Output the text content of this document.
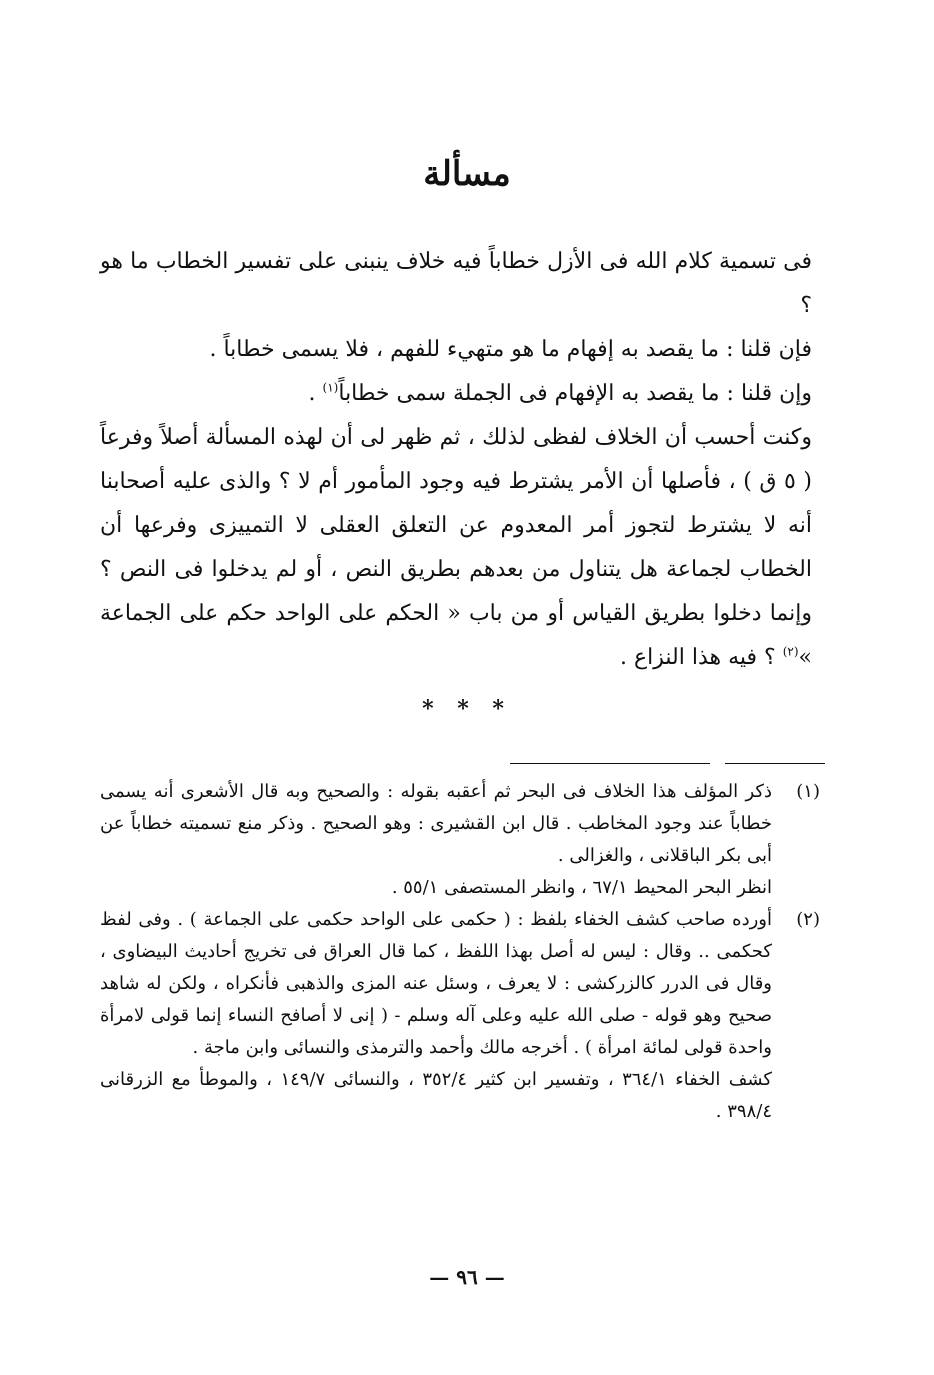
مسألة

فى تسمية كلام الله فى الأزل خطاباً فيه خلاف ينبنى على تفسير الخطاب ما هو ؟

فإن قلنا : ما يقصد به إفهام ما هو متهيء للفهم ، فلا يسمى خطاباً .

وإن قلنا : ما يقصد به الإفهام فى الجملة سمى خطاباً$^{(١)}$ .

وكنت أحسب أن الخلاف لفظى لذلك ، ثم ظهر لى أن لهذه المسألة أصلاً وفرعاً ( ٥ ق ) ، فأصلها أن الأمر يشترط فيه وجود المأمور أم لا ؟ والذى عليه أصحابنا أنه لا يشترط لتجوز أمر المعدوم عن التعلق العقلى لا التمييزى وفرعها أن الخطاب لجماعة هل يتناول من بعدهم بطريق النص ، أو لم يدخلوا فى النص ؟ وإنما دخلوا بطريق القياس أو من باب « الحكم على الواحد حكم على الجماعة »$^{(٢)}$ ؟ فيه هذا النزاع .

* * *
(١)

ذكر المؤلف هذا الخلاف فى البحر ثم أعقبه بقوله : والصحيح وبه قال الأشعرى أنه يسمى خطاباً عند وجود المخاطب . قال ابن القشيرى : وهو الصحيح . وذكر منع تسميته خطاباً عن أبى بكر الباقلانى ، والغزالى .

انظر البحر المحيط ٦٧/١ ، وانظر المستصفى ٥٥/١ .

(٢)

أورده صاحب كشف الخفاء بلفظ : ( حكمى على الواحد حكمى على الجماعة ) . وفى لفظ كحكمى .. وقال : ليس له أصل بهذا اللفظ ، كما قال العراق فى تخريج أحاديث البيضاوى ، وقال فى الدرر كالزركشى : لا يعرف ، وسئل عنه المزى والذهبى فأنكراه ، ولكن له شاهد صحيح وهو قوله - صلى الله عليه وعلى آله وسلم - ( إنى لا أصافح النساء إنما قولى لامرأة واحدة قولى لمائة امرأة ) . أخرجه مالك وأحمد والترمذى والنسائى وابن ماجة .

كشف الخفاء ٣٦٤/١ ، وتفسير ابن كثير ٣٥٢/٤ ، والنسائى ١٤٩/٧ ، والموطأ مع الزرقانى ٣٩٨/٤ .

— ٩٦ —
